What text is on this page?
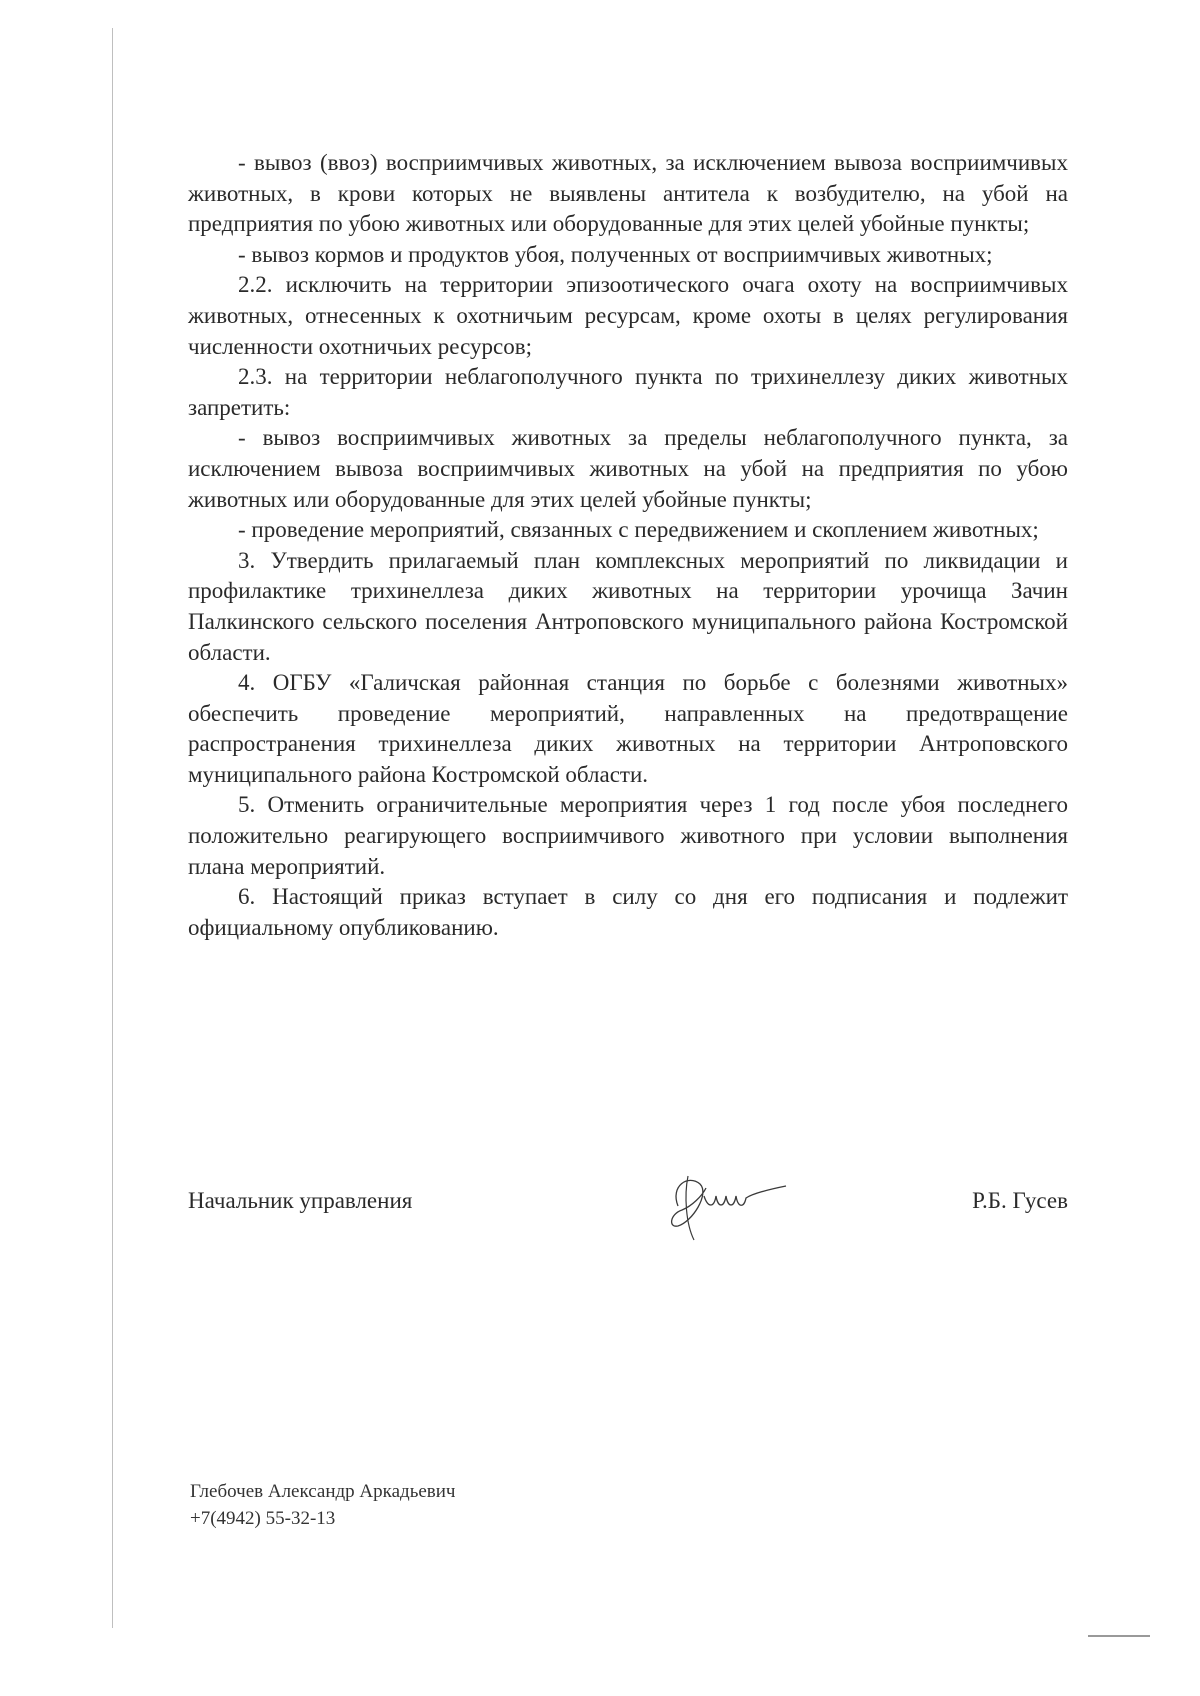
- вывоз (ввоз) восприимчивых животных, за исключением вывоза восприимчивых животных, в крови которых не выявлены антитела к возбудителю, на убой на предприятия по убою животных или оборудованные для этих целей убойные пункты;

- вывоз кормов и продуктов убоя, полученных от восприимчивых животных;

2.2. исключить на территории эпизоотического очага охоту на восприимчивых животных, отнесенных к охотничьим ресурсам, кроме охоты в целях регулирования численности охотничьих ресурсов;

2.3. на территории неблагополучного пункта по трихинеллезу диких животных запретить:

- вывоз восприимчивых животных за пределы неблагополучного пункта, за исключением вывоза восприимчивых животных на убой на предприятия по убою животных или оборудованные для этих целей убойные пункты;

- проведение мероприятий, связанных с передвижением и скоплением животных;

3. Утвердить прилагаемый план комплексных мероприятий по ликвидации и профилактике трихинеллеза диких животных на территории урочища Зачин Палкинского сельского поселения Антроповского муниципального района Костромской области.

4. ОГБУ «Галичская районная станция по борьбе с болезнями животных» обеспечить проведение мероприятий, направленных на предотвращение распространения трихинеллеза диких животных на территории Антроповского муниципального района Костромской области.

5. Отменить ограничительные мероприятия через 1 год после убоя последнего положительно реагирующего восприимчивого животного при условии выполнения плана мероприятий.

6. Настоящий приказ вступает в силу со дня его подписания и подлежит официальному опубликованию.

Начальник управления	Р.Б. Гусев
Глебочев Александр Аркадьевич
+7(4942) 55-32-13
